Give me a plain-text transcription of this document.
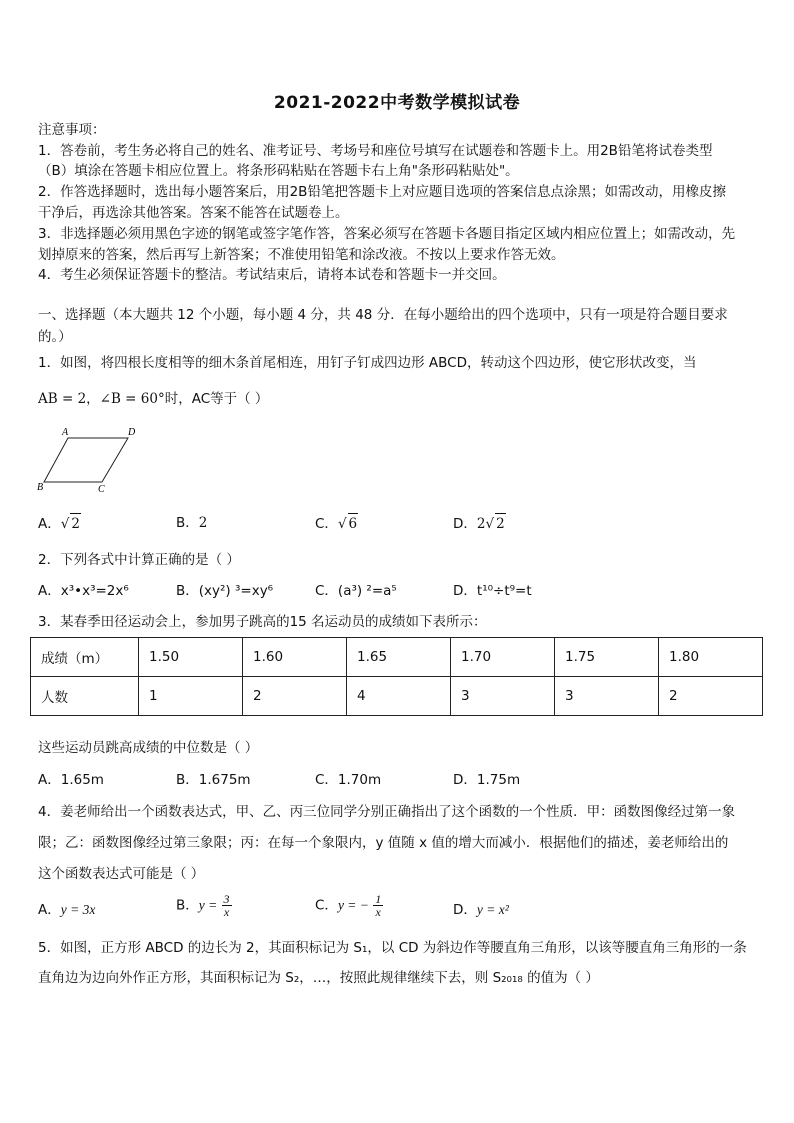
2021-2022中考数学模拟试卷
注意事项：
1．答卷前，考生务必将自己的姓名、准考证号、考场号和座位号填写在试题卷和答题卡上。用2B铅笔将试卷类型
（B）填涂在答题卡相应位置上。将条形码粘贴在答题卡右上角"条形码粘贴处"。
2．作答选择题时，选出每小题答案后，用2B铅笔把答题卡上对应题目选项的答案信息点涂黑；如需改动，用橡皮擦
干净后，再选涂其他答案。答案不能答在试题卷上。
3．非选择题必须用黑色字迹的钢笔或签字笔作答，答案必须写在答题卡各题目指定区域内相应位置上；如需改动，先
划掉原来的答案，然后再写上新答案；不准使用铅笔和涂改液。不按以上要求作答无效。
4．考生必须保证答题卡的整洁。考试结束后，请将本试卷和答题卡一并交回。
一、选择题（本大题共 12 个小题，每小题 4 分，共 48 分．在每小题给出的四个选项中，只有一项是符合题目要求
的。）
1．如图，将四根长度相等的细木条首尾相连，用钉子钉成四边形 ABCD，转动这个四边形，使它形状改变，当
AB = 2，∠B = 60°时，AC等于（ ）
A	D
B	C
A．√ 2	B．2	C．√ 6	D．2√ 2
2．下列各式中计算正确的是（ ）
A．x³•x³=2x⁶	B．(xy²) ³=xy⁶	C．(a³) ²=a⁵	D．t¹⁰÷t⁹=t
3．某春季田径运动会上，参加男子跳高的15 名运动员的成绩如下表所示：
成绩（m）	1.50	1.60	1.65	1.70	1.75	1.80
人数	1	2	4	3	3	2
这些运动员跳高成绩的中位数是（ ）
A．1.65m	B．1.675m	C．1.70m	D．1.75m
4．姜老师给出一个函数表达式，甲、乙、丙三位同学分别正确指出了这个函数的一个性质．甲：函数图像经过第一象
限；乙：函数图像经过第三象限；丙：在每一个象限内，y 值随 x 值的增大而减小．根据他们的描述，姜老师给出的
这个函数表达式可能是（ ）
A．y = 3x	B．$y = \frac{3}{x}$	C．y = − $\frac{1}{x}$	D．y = x²
5．如图，正方形 ABCD 的边长为 2，其面积标记为 S₁，以 CD 为斜边作等腰直角三角形，以该等腰直角三角形的一条
直角边为边向外作正方形，其面积标记为 S₂，…，按照此规律继续下去，则 S₂₀₁₈ 的值为（ ）
